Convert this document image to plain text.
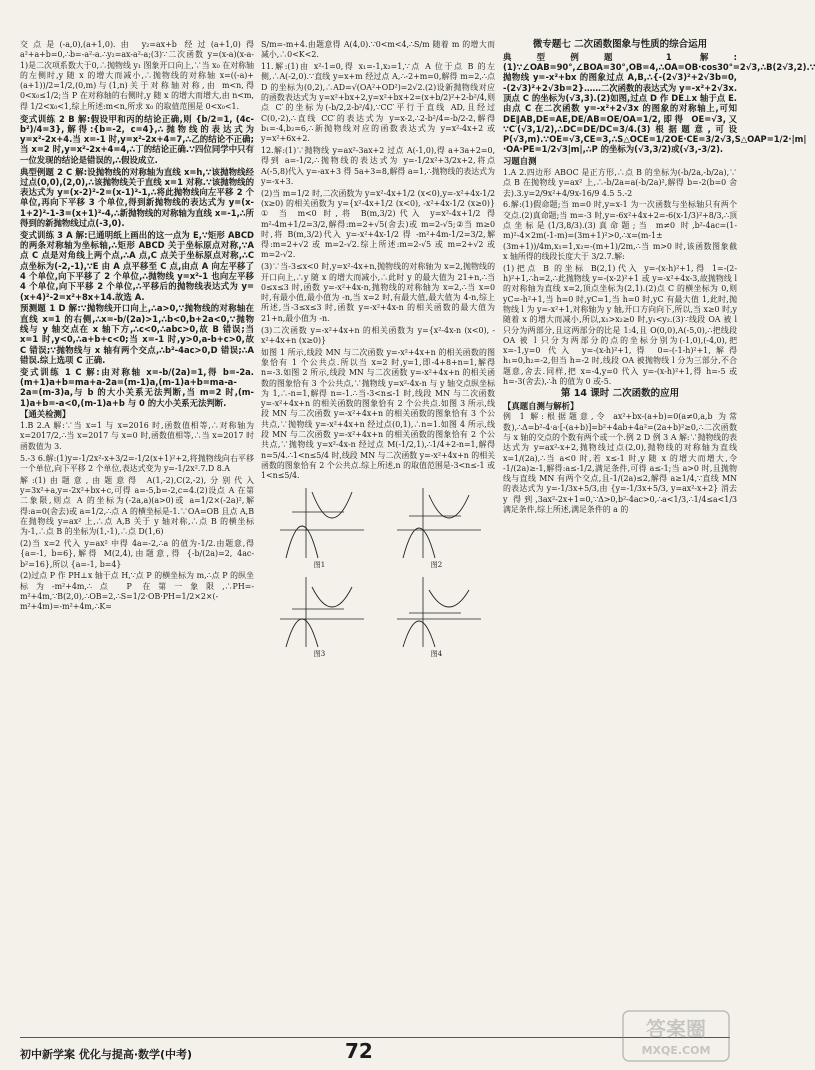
交点是(-a,0),(a+1,0).由 y₂=ax+b 经过(a+1,0)得 a²+a+b=0,∴b=-a²-a.∴y₂=ax-a²-a;(3)∵二次函数 y=(x-a)(x-a-1)是二次项系数大于0,∴抛物线 y₁ 图象开口向上,∵当 x₀ 在对称轴的左侧时,y 随 x 的增大而减小,∴抛物线的对称轴 x=((-a)+(a+1))/2=1/2,(0,m)与(1,n)关于对称轴对称,由 m<n,得 0<x₀≤1/2;当 P 在对称轴的右侧时,y 随 x 的增大而增大,由 n<m,得 1/2<x₀<1,综上所述:m<n,所求 x₀ 的取值范围是 0<x₀<1.

变式训练 2 B 解:假设甲和丙的结论正确,则 {b/2=1, (4c-b²)/4=3},解得:{b=-2, c=4},∴抛物线的表达式为 y=x²-2x+4.当 x=-1 时,y=x²-2x+4=7,∴乙的结论不正确;当 x=2 时,y=x²-2x+4=4,∴丁的结论正确.∵四位同学中只有一位发现的结论是错误的,∴假设成立.

典型例题 2 C 解:设抛物线的对称轴为直线 x=h,∵该抛物线经过点(0,0),(2,0),∴该抛物线关于直线 x=1 对称.∵该抛物线的表达式为 y=(x-2)²-2=(x-1)²-1,∴将此抛物线向左平移 2 个单位,再向下平移 3 个单位,得到新抛物线的表达式为 y=(x-1+2)²-1-3=(x+1)²-4,∴新抛物线的对称轴为直线 x=-1,∴所得到的新抛物线过点(-3,0).

变式训练 3 A 解:已通明纸上画出的这一点为 E,∵矩形 ABCD 的两条对称轴为坐标轴,∴矩形 ABCD 关于坐标原点对称,∵A 点 C 点是对角线上两个点,∴A 点,C 点关于坐标原点对称,∴C 点坐标为(-2,-1),∵E 由 A 点平移至 C 点,由点 A 向左平移了 4 个单位,向下平移了 2 个单位,∴抛物线 y=x²-1 也向左平移 4 个单位,向下平移 2 个单位,∴平移后的抛物线表达式为 y=(x+4)²-2=x²+8x+14.故选 A.

预测题 1 D 解:∵抛物线开口向上,∴a>0,∵抛物线的对称轴在直线 x=1 的右侧,∴x=-b/(2a)>1,∴b<0,b+2a<0,∵抛物线与 y 轴交点在 x 轴下方,∴c<0,∴abc>0,故 B 错误;当 x=1 时,y<0,∴a+b+c<0;当 x=-1 时,y>0,a-b+c>0,故 C 错误;∵抛物线与 x 轴有两个交点,∴b²-4ac>0,D 错误;∴A 错误.综上选项 C 正确.

变式训练 1 C 解:由对称轴 x=-b/(2a)=1,得 b=-2a.(m+1)a+b=ma+a-2a=(m-1)a,(m-1)a+b=ma-a-2a=(m-3)a,与 b 的大小关系无法判断,当 m=2 时,(m-1)a+b=-a<0,(m-1)a+b 与 0 的大小关系无法判断.

【通关检测】

1.B 2.A 解:∵当 x=1 与 x=2016 时,函数值相等,∴对称轴为 x=2017/2,∴当 x=2017 与 x=0 时,函数值相等,∴当 x=2017 时函数值为 3.

5.-3 6.解:(1)y=-1/2x²-x+3/2=-1/2(x+1)²+2,将抛物线向右平移一个单位,向下平移 2 个单位,表达式变为 y=-1/2x².7.D 8.A

解:(1)由题意,由题意得 A(1,-2),C(2,-2),分别代入 y=3x²+a,y=-2x²+bx+c,可得 a=-5,b=-2,c=4.(2)设点 A 在第二象限,则点 A 的坐标为(-2a,a)(a>0)或 a=1/2×(-2a)²,解得:a=0(舍去)或 a=1/2,∴点 A 的横坐标是-1.∵OA=OB 且点 A,B 在抛物线 y=ax² 上,∴点 A,B 关于 y 轴对称,∴点 B 的横坐标为-1,∴点 B 的坐标为(1,-1),∴点 D(1,6)

(2)当 x=2 代入 y=ax² 中得 4a=-2,∴a 的值为-1/2.由题意,得 {a=-1, b=6},解得 M(2,4),由题意,得 {-b/(2a)=2, 4ac-b²=16},所以 {a=-1, b=4}

(2)过点 P 作 PH⊥x 轴于点 H,∵点 P 的横坐标为 m,∴点 P 的纵坐标为-m²+4m,∴点 P 在第一象限,∴PH=-m²+4m,∵B(2,0),∴OB=2,∴S=1/2·OB·PH=1/2×2×(-m²+4m)=-m²+4m,∴K=

S/m=-m+4.由题意得 A(4,0).∵0<m<4,∴S/m 随着 m 的增大而减小,∴0<K<2.

11.解:(1)由 x²-1=0,得 x₁=-1,x₂=1,∵点 A 位于点 B 的左侧,∴A(-2,0).∵直线 y=x+m 经过点 A,∴-2+m=0,解得 m=2,∴点 D 的坐标为(0,2),∴AD=√(OA²+OD²)=2√2.(2)设新抛物线对应的函数表达式为 y=x²+bx+2,y=x²+bx+2=(x+b/2)²+2-b²/4,则点 C′的坐标为(-b/2,2-b²/4),∵CC′平行于直线 AD,且经过 C(0,-2),∴直线 CC′的表达式为 y=x-2,∴2-b²/4=-b/2-2,解得 b₁=-4,b₂=6,∴新抛物线对应的函数表达式为 y=x²-4x+2 或 y=x²+6x+2.

12.解:(1)∵抛物线 y=ax²-3ax+2 过点 A(-1,0),得 a+3a+2=0,得到 a=-1/2,∴抛物线的表达式为 y=-1/2x²+3/2x+2,将点 A(-5,8)代入 y=-ax+3 得 5a+3=8,解得 a=1,∴抛物线的表达式为 y=-x+3.

(2)当 m=1/2 时,二次函数为 y=x²-4x+1/2 (x<0),y=-x²+4x-1/2 (x≥0) 的相关函数为 y={x²-4x+1/2 (x<0), -x²+4x-1/2 (x≥0)} ① 当 m<0 时,将 B(m,3/2)代入 y=x²-4x+1/2 得 m²-4m+1/2=3/2,解得:m=2+√5(舍去)或 m=2-√5;②当 m≥0 时,将 B(m,3/2)代入 y=-x²+4x-1/2 得 -m²+4m-1/2=3/2,解得:m=2+√2 或 m=2-√2.综上所述:m=2-√5 或 m=2+√2 或 m=2-√2.

(3)∵当-3≤x<0 时,y=x²-4x+n,抛物线的对称轴为 x=2,抛物线的开口向上,∴y 随 x 的增大而减小,∴此时 y 的最大值为 21+n,∴当 0≤x≤3 时,函数 y=-x²+4x-n,抛物线的对称轴为 x=2,∴当 x=0 时,有最小值,最小值为 -n,当 x=2 时,有最大值,最大值为 4-n,综上所述,当-3≤x≤3 时,函数 y=-x²+4x-n 的相关函数的最大值为 21+n,最小值为 -n.

(3)二次函数 y=-x²+4x+n 的相关函数为 y={x²-4x-n (x<0), -x²+4x+n (x≥0)}

如图 1 所示,线段 MN 与二次函数 y=-x²+4x+n 的相关函数的图象恰有 1 个公共点.所以当 x=2 时,y=1,即-4+8+n=1,解得 n=-3.如图 2 所示,线段 MN 与二次函数 y=-x²+4x+n 的相关函数的图象恰有 3 个公共点,∵抛物线 y=x²-4x-n 与 y 轴交点纵坐标为 1,∴-n=1,解得 n=-1.∴当-3<n≤-1 时,线段 MN 与二次函数 y=-x²+4x+n 的相关函数的图象恰有 2 个公共点.如图 3 所示,线段 MN 与二次函数 y=-x²+4x+n 的相关函数的图象恰有 3 个公共点,∵抛物线 y=-x²+4x+n 经过点(0,1),∴n=1.如图 4 所示,线段 MN 与二次函数 y=-x²+4x+n 的相关函数的图象恰有 2 个公共点,∵抛物线 y=x²-4x-n 经过点 M(-1/2,1),∴1/4+2-n=1,解得 n=5/4.∴1<n≤5/4 时,线段 MN 与二次函数 y=-x²+4x+n 的相关函数的图象恰有 2 个公共点.综上所述,n 的取值范围是-3<n≤-1 或 1<n≤5/4.

图1	图2
图3	图4

微专题七 二次函数图象与性质的综合运用

典型例题 1 解:(1)∵∠OAB=90°,∠BOA=30°,OB=4,∴OA=OB·cos30°=2√3,∴B(2√3,2).∵抛物线 y=-x²+bx 的图象过点 A,B,∴{-(2√3)²+2√3b=0, -(2√3)²+2√3b=2}……二次函数的表达式为 y=-x²+2√3x.顶点 C 的坐标为(√3,3).(2)如图,过点 D 作 DE⊥x 轴于点 E.由点 C 在二次函数 y=-x²+2√3x 的图象的对称轴上,可知 DE∥AB,DE=AE,DE/AB=OE/OA=1/2,即得 OE=√3,又 ∵C′(√3,1/2),∴DC=DE/DC=3/4.(3)根据题意,可设 P(√3,m).∵OE=√3,CE=3,∴S△OCE=1/2OE·CE=3/2√3,S△OAP=1/2·|m|·OA·PE=1/2√3|m|,∴P 的坐标为(√3,3/2)或(√3,-3/2).

习题自测

1.A 2.四边形 ABOC 是正方形,∴点 B 的坐标为(-b/2a,-b/2a),∵点 B 在抛物线 y=ax² 上,∴-b/2a=a(-b/2a)²,解得 b=-2(b=0 舍去).3.y=2/9x²+4/9x-16/9 4.5 5.-2

6.解:(1)假命题;当 m=0 时,y=x-1 为一次函数与坐标轴只有两个交点.(2)真命题;当 m=-3 时,y=-6x²+4x+2=-6(x-1/3)²+8/3,∴顶点坐标是(1/3,8/3).(3)真命题;当 m≠0 时,b²-4ac=(1-m)²-4×2m(-1-m)=(3m+1)²>0,∴x=(m-1±(3m+1))/4m,x₁=1,x₂=-(m+1)/2m,∴当 m>0 时,该函数图象截 x 轴所得的线段长度大于 3/2.7.解:

(1)把点 B 的坐标 B(2,1)代入 y=-(x-h)²+1,得 1=-(2-h)²+1,∴h=2,∴此抛物线 y=-(x-2)²+1 或 y=-x²+4x-3,故抛物线 l 的对称轴为直线 x=2,顶点坐标为(2,1).(2)点 C 的横坐标为 0,则 yC=-h²+1,当 h=0 时,yC=1,当 h=0 时,yC 有最大值 1,此时,抛物线 l 为 y=-x²+1,对称轴为 y 轴,开口方向向下,所以,当 x≥0 时,y 随着 x 的增大而减小,所以,x₁>x₂≥0 时,y₁<y₂.(3)∵线段 OA 被 l 只分为两部分,且这两部分的比是 1:4,且 O(0,0),A(-5,0),∴把线段 OA 被 l 只分为两部分的点的坐标分别为(-1,0),(-4,0),把 x=-1,y=0 代入 y=-(x-h)²+1,得 0=-(-1-h)²+1,解得 h₁=0,h₂=-2,但当 h=-2 时,线段 OA 被抛物线 l 分为三部分,不合题意,舍去.同样,把 x=-4,y=0 代入 y=-(x-h)²+1,得 h=-5 或 h=-3(舍去),∴h 的值为 0 或-5.

第 14 课时 二次函数的应用

【真题自测与解析】

例 1 解:根据题意,令 ax²+bx-(a+b)=0(a≠0,a,b 为常数),∴Δ=b²-4·a·[-(a+b)]=b²+4ab+4a²=(2a+b)²≥0,∴二次函数与 x 轴的交点的个数有两个或一个.例 2 D 例 3 A 解:∵抛物线的表达式为 y=ax²-x+2,抛物线过点(2,0),抛物线的对称轴为直线 x=1/(2a),∴当 a<0 时,若 x≤-1 时,y 随 x 的增大而增大,令 -1/(2a)≥-1,解得:a≤-1/2,满足条件,可得 a≤-1;当 a>0 时,且抛物线与直线 MN 有两个交点,且-1/(2a)≤2,解得 a≥1/4,∵直线 MN 的表达式为 y=-1/3x+5/3,由 {y=-1/3x+5/3, y=ax²-x+2} 消去 y 得到,3ax²-2x+1=0,∵Δ>0,b²-4ac>0,∴a<1/3,∴1/4≤a<1/3 满足条件,综上所述,满足条件的 a 的

初中新学案 优化与提高·数学(中考)	72
答案圈
MXQE.COM
